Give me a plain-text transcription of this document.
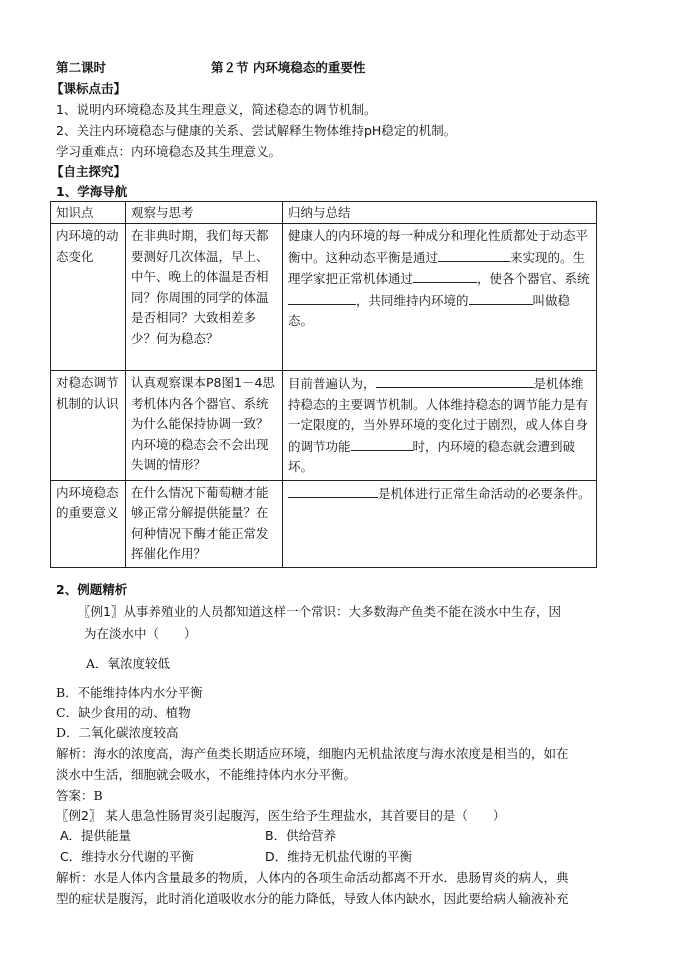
第二课时	第２节 内环境稳态的重要性
【课标点击】
1、说明内环境稳态及其生理意义，简述稳态的调节机制。
2、关注内环境稳态与健康的关系、尝试解释生物体维持pH稳定的机制。
学习重难点：内环境稳态及其生理意义。
【自主探究】
1、学海导航
知识点	观察与思考	归纳与总结
内环境的动态变化	在非典时期，我们每天都要测好几次体温，早上、中午、晚上的体温是否相同？你周围的同学的体温是否相同？大致相差多少？何为稳态？	健康人的内环境的每一种成分和理化性质都处于动态平衡中。这种动态平衡是通过 来实现的。生理学家把正常机体通过 ，使各个器官、系统，共同维持内环境的 叫做稳态。
对稳态调节机制的认识	认真观察课本P8图1－4思考机体内各个器官、系统为什么能保持协调一致？内环境的稳态会不会出现失调的情形？	目前普遍认为， 是机体维持稳态的主要调节机制。人体维持稳态的调节能力是有一定限度的，当外界环境的变化过于剧烈，或人体自身的调节功能 时，内环境的稳态就会遭到破坏。
内环境稳态的重要意义	在什么情况下葡萄糖才能够正常分解提供能量？在何种情况下酶才能正常发挥催化作用？	是机体进行正常生命活动的必要条件。
2、例题精析
〖例1〗从事养殖业的人员都知道这样一个常识：大多数海产鱼类不能在淡水中生存，因
为在淡水中（　　）
A．氧浓度较低
B．不能维持体内水分平衡
C．缺少食用的动、植物
D．二氧化碳浓度较高
解析：海水的浓度高，海产鱼类长期适应环境，细胞内无机盐浓度与海水浓度是相当的，如在
淡水中生活，细胞就会吸水，不能维持体内水分平衡。
答案：B
〖例2〗 某人患急性肠胃炎引起腹泻，医生给予生理盐水，其首要目的是（　　）
A．提供能量	B．供给营养
C．维持水分代谢的平衡	D．维持无机盐代谢的平衡
解析：水是人体内含量最多的物质，人体内的各项生命活动都离不开水．患肠胃炎的病人，典
型的症状是腹泻，此时消化道吸收水分的能力降低，导致人体内缺水，因此要给病人输液补充
